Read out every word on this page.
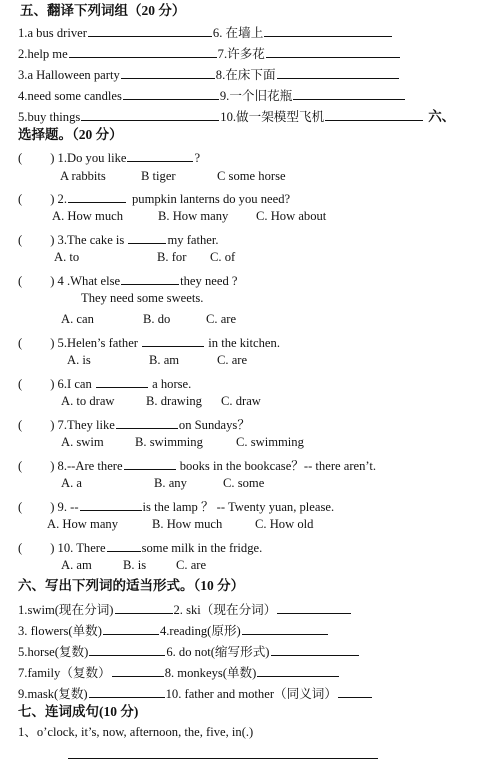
五、翻译下列词组（20 分）
1.a bus driver	6. 在墙上
2.help me	7.许多花
3.a Halloween party	8.在床下面
4.need some candles	9.一个旧花瓶
5.buy things	10.做一架模型飞机	六、
选择题。（20 分）
( ) 1.Do you like	?
A rabbits	B tiger	C some horse
( ) 2.	pumpkin lanterns do you need?
A. How much	B. How many C. How about
( ) 3.The cake is	my father.
A. to	B. for C. of
( ) 4 .What else	they need ?
They need some sweets.
A. can	B. do	C. are
( ) 5.Helen’s father	in the kitchen.
A. is	B. am	C. are
( ) 6.I can	a horse.
A. to draw B. drawing C. draw
( ) 7.They like	on Sundays？
A. swim B. swimming	C. swimming
( ) 8.--Are there	books in the bookcase？-- there aren’t.
A. a	B. any	C. some
( ) 9. --	is the lamp ？ -- Twenty yuan, please.
A. How many	B. How much	C. How old
( ) 10. There	some milk in the fridge.
A. am B. is C. are
六、写出下列词的适当形式。（10 分）
1.swim(现在分词)	2. ski（现在分词）
3. flowers(单数)	4.reading(原形)
5.horse(复数)	6. do not(缩写形式)
7.family（复数）	8. monkeys(单数)
9.mask(复数)	10. father and mother（同义词）
七、连词成句(10 分)
1、o’clock, it’s, now, afternoon, the, five, in(.)
